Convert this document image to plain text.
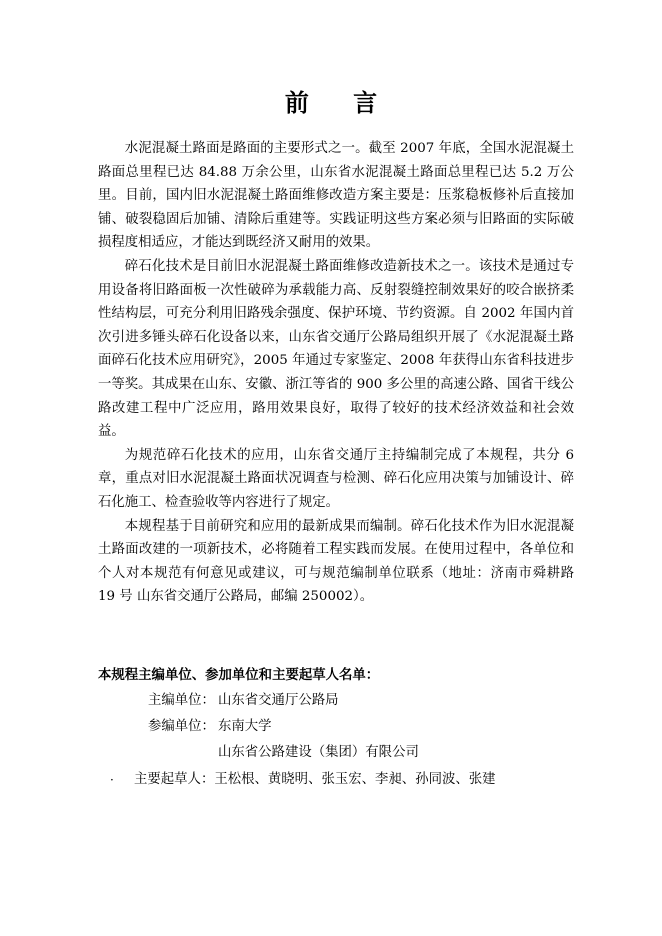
前 言

水泥混凝土路面是路面的主要形式之一。截至 2007 年底，全国水泥混凝土路面总里程已达 84.88 万余公里，山东省水泥混凝土路面总里程已达 5.2 万公里。目前，国内旧水泥混凝土路面维修改造方案主要是：压浆稳板修补后直接加铺、破裂稳固后加铺、清除后重建等。实践证明这些方案必须与旧路面的实际破损程度相适应，才能达到既经济又耐用的效果。

碎石化技术是目前旧水泥混凝土路面维修改造新技术之一。该技术是通过专用设备将旧路面板一次性破碎为承载能力高、反射裂缝控制效果好的咬合嵌挤柔性结构层，可充分利用旧路残余强度、保护环境、节约资源。自 2002 年国内首次引进多锤头碎石化设备以来，山东省交通厅公路局组织开展了《水泥混凝土路面碎石化技术应用研究》，2005 年通过专家鉴定、2008 年获得山东省科技进步一等奖。其成果在山东、安徽、浙江等省的 900 多公里的高速公路、国省干线公路改建工程中广泛应用，路用效果良好，取得了较好的技术经济效益和社会效益。

为规范碎石化技术的应用，山东省交通厅主持编制完成了本规程，共分 6 章，重点对旧水泥混凝土路面状况调查与检测、碎石化应用决策与加铺设计、碎石化施工、检查验收等内容进行了规定。

本规程基于目前研究和应用的最新成果而编制。碎石化技术作为旧水泥混凝土路面改建的一项新技术，必将随着工程实践而发展。在使用过程中，各单位和个人对本规范有何意见或建议，可与规范编制单位联系（地址：济南市舜耕路 19 号 山东省交通厅公路局，邮编 250002）。

本规程主编单位、参加单位和主要起草人名单：
主编单位： 山东省交通厅公路局
参编单位： 东南大学
山东省公路建设（集团）有限公司
· 主要起草人：王松根、黄晓明、张玉宏、李昶、孙同波、张建
